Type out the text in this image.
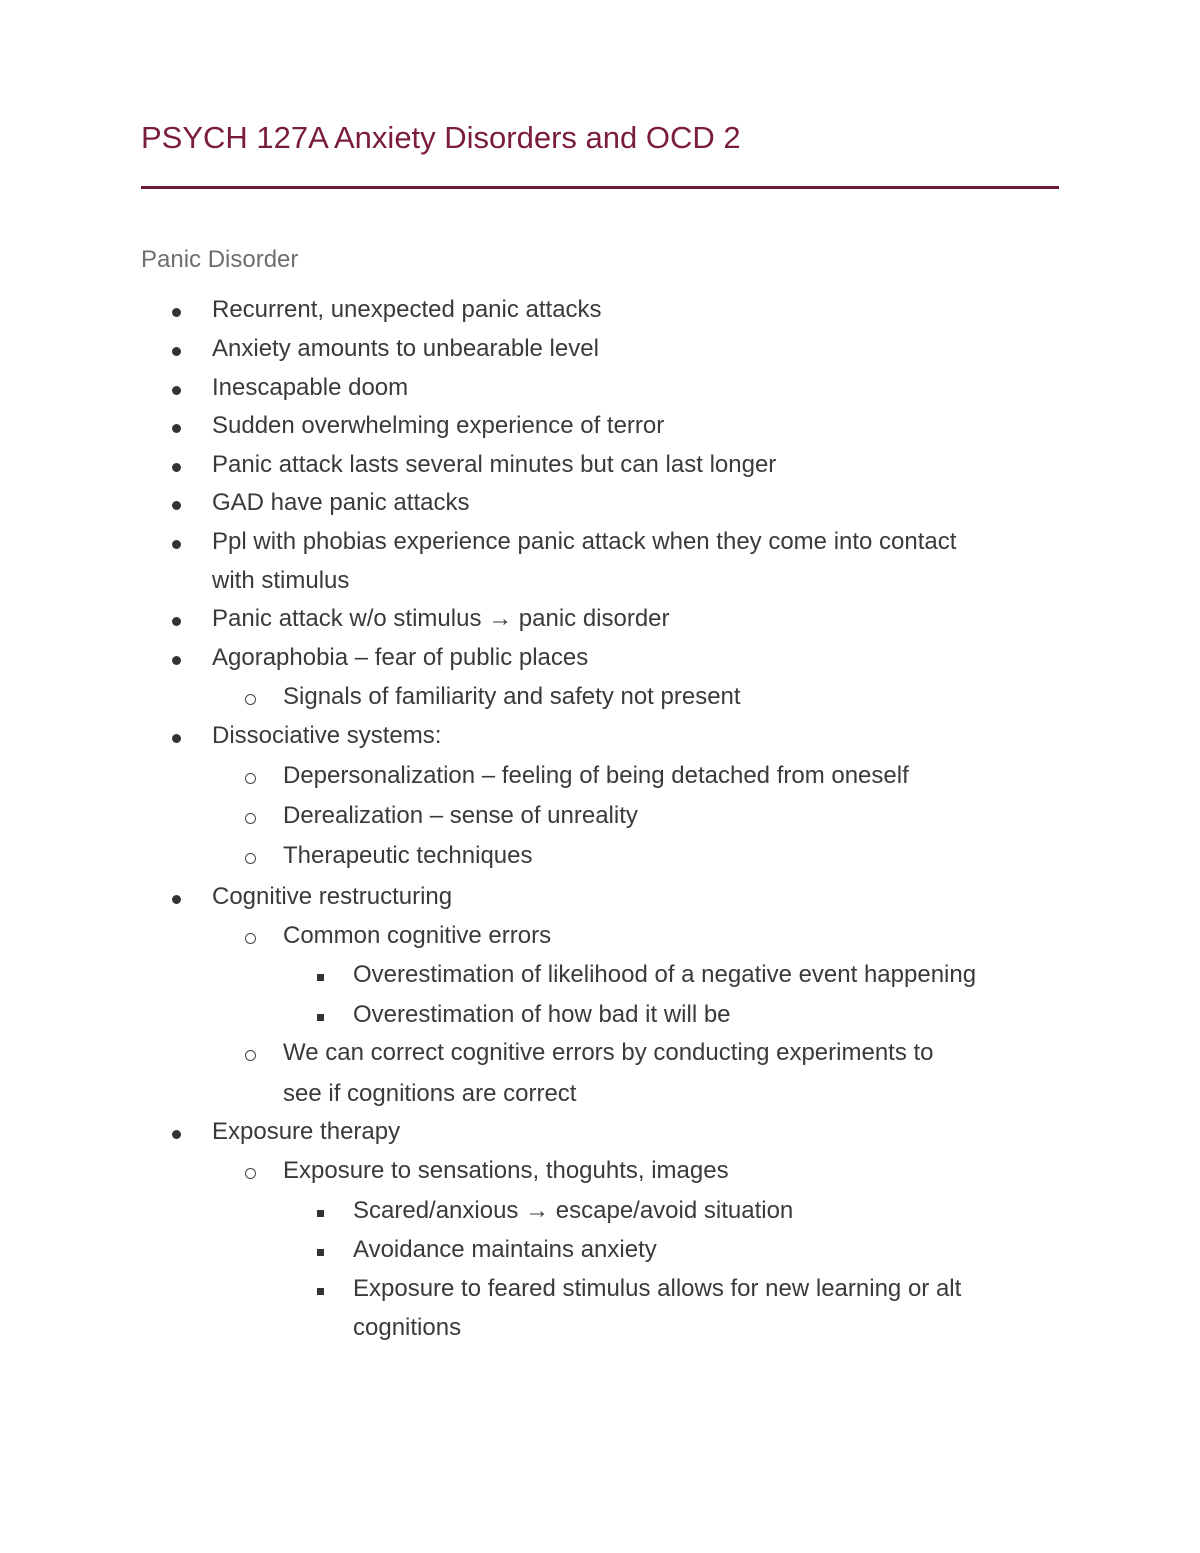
PSYCH 127A Anxiety Disorders and OCD 2
Panic Disorder
Recurrent, unexpected panic attacks
Anxiety amounts to unbearable level
Inescapable doom
Sudden overwhelming experience of terror
Panic attack lasts several minutes but can last longer
GAD have panic attacks
Ppl with phobias experience panic attack when they come into contact
with stimulus
Panic attack w/o stimulus → panic disorder
Agoraphobia – fear of public places
Signals of familiarity and safety not present
Dissociative systems:
Depersonalization – feeling of being detached from oneself
Derealization – sense of unreality
Therapeutic techniques
Cognitive restructuring
Common cognitive errors
Overestimation of likelihood of a negative event happening
Overestimation of how bad it will be
We can correct cognitive errors by conducting experiments to
see if cognitions are correct
Exposure therapy
Exposure to sensations, thoguhts, images
Scared/anxious → escape/avoid situation
Avoidance maintains anxiety
Exposure to feared stimulus allows for new learning or alt
cognitions
